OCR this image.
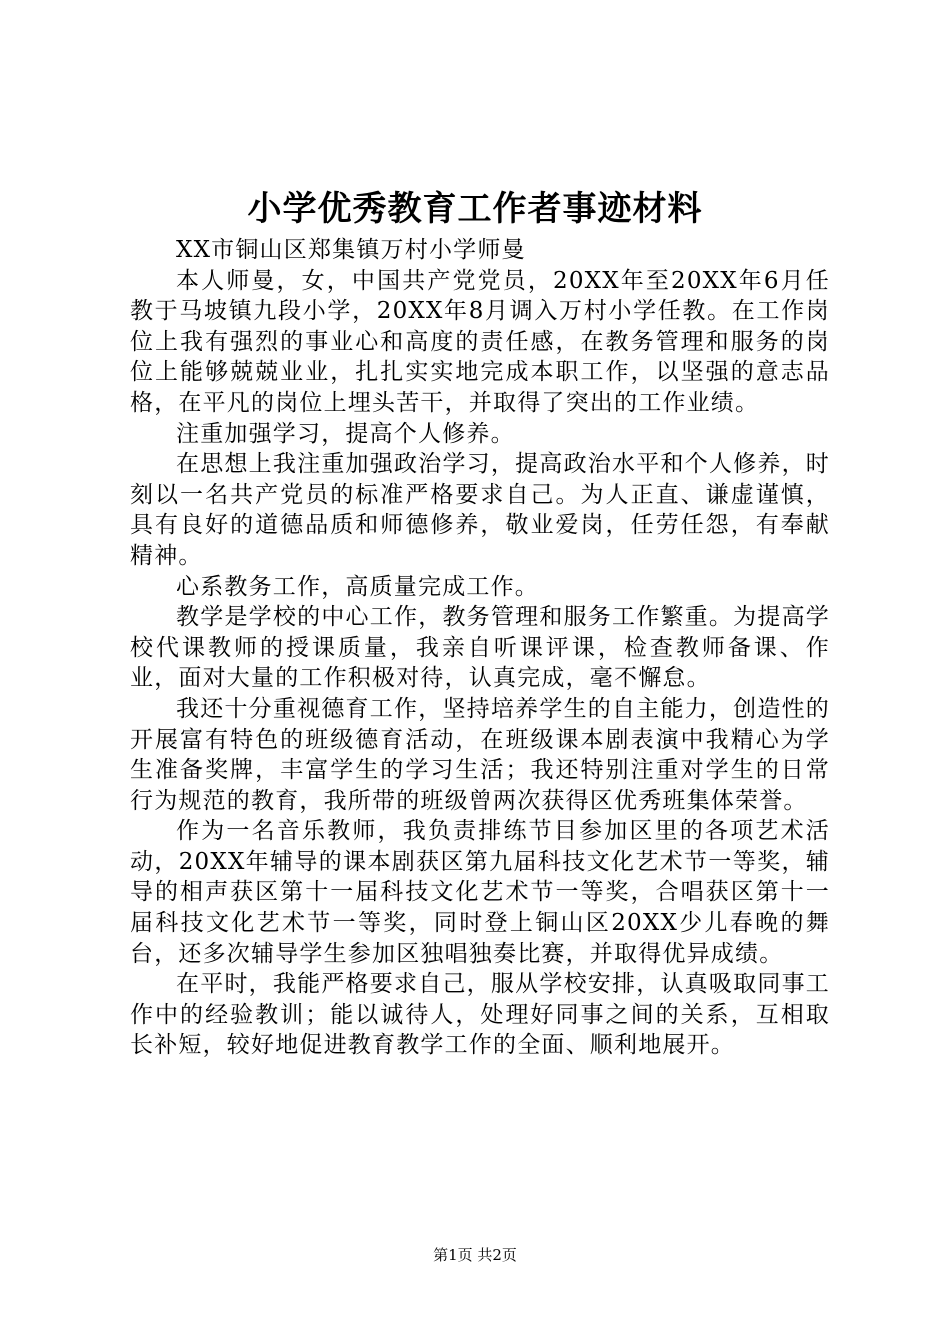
小学优秀教育工作者事迹材料

XX市铜山区郑集镇万村小学师曼

本人师曼，女，中国共产党党员，20XX年至20XX年6月任教于马坡镇九段小学，20XX年8月调入万村小学任教。在工作岗位上我有强烈的事业心和高度的责任感，在教务管理和服务的岗位上能够兢兢业业，扎扎实实地完成本职工作，以坚强的意志品格，在平凡的岗位上埋头苦干，并取得了突出的工作业绩。

注重加强学习，提高个人修养。

在思想上我注重加强政治学习，提高政治水平和个人修养，时刻以一名共产党员的标准严格要求自己。为人正直、谦虚谨慎，具有良好的道德品质和师德修养，敬业爱岗，任劳任怨，有奉献精神。

心系教务工作，高质量完成工作。

教学是学校的中心工作，教务管理和服务工作繁重。为提高学校代课教师的授课质量，我亲自听课评课，检查教师备课、作业，面对大量的工作积极对待，认真完成，毫不懈怠。

我还十分重视德育工作，坚持培养学生的自主能力，创造性的开展富有特色的班级德育活动，在班级课本剧表演中我精心为学生准备奖牌，丰富学生的学习生活；我还特别注重对学生的日常行为规范的教育，我所带的班级曾两次获得区优秀班集体荣誉。

作为一名音乐教师，我负责排练节目参加区里的各项艺术活动，20XX年辅导的课本剧获区第九届科技文化艺术节一等奖，辅导的相声获区第十一届科技文化艺术节一等奖，合唱获区第十一届科技文化艺术节一等奖，同时登上铜山区20XX少儿春晚的舞台，还多次辅导学生参加区独唱独奏比赛，并取得优异成绩。

在平时，我能严格要求自己，服从学校安排，认真吸取同事工作中的经验教训；能以诚待人，处理好同事之间的关系，互相取长补短，较好地促进教育教学工作的全面、顺利地展开。

第1页 共2页
